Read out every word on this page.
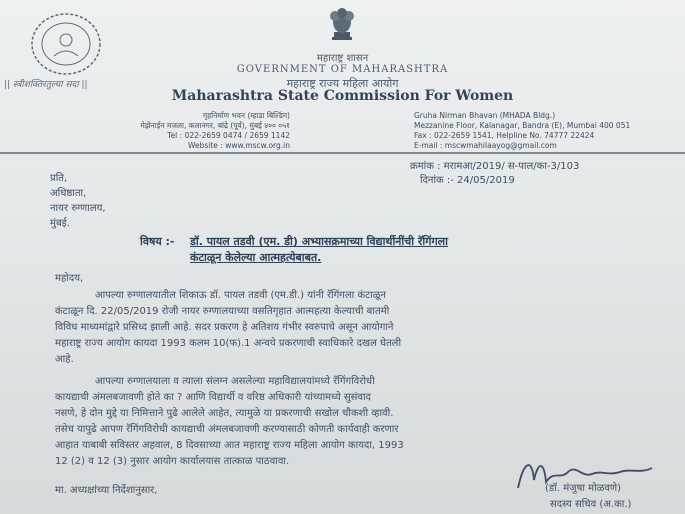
|| स्त्रीशक्तिरतुल्या सदा ||
महाराष्ट्र शासन
GOVERNMENT OF MAHARASHTRA
महाराष्ट्र राज्य महिला आयोग
Maharashtra State Commission For Women
गृहनिर्माण भवन (म्हाडा बिल्डिंग)
मेझेनाईन मजला, कलानगर, बांद्रे (पूर्व), मुंबई ४०० ०५१
Tel : 022-2659 0474 / 2659 1142
Website : www.mscw.org.in
Gruha Nirman Bhavan (MHADA Bldg.)
Mezzanine Floor, Kalanagar, Bandra (E), Mumbai 400 051
Fax : 022-2659 1541, Helpline No. 74777 22424
E-mail : mscwmahilaayog@gmail.com
क्रमांक : मरामआ/2019/ स-पाल/का-3/103
दिनांक :- 24/05/2019
प्रति,
अधिष्ठाता,
नायर रुग्णालय,
मुंबई.
विषय :- डॉ. पायल तडवी (एम. डी) अभ्यासक्रमाच्या विद्यार्थीनींची रॅगिंगला
कंटाळून केलेल्या आत्महत्येबाबत.
महोदय,
आपल्या रुग्णालयातील शिकाऊ डॉ. पायल तडवी (एम.डी.) यांनी रॅगिंगला कंटाळून
कंटाळून दि. 22/05/2019 रोजी नायर रुग्णालयाच्या वसतिगृहात आत्महत्या केल्याची बातमी
विविध माध्यमांद्वारे प्रसिध्द झाली आहे. सदर प्रकरण हे अतिशय गंभीर स्वरुपाचे असून आयोगाने
महाराष्ट्र राज्य आयोग कायदा 1993 कलम 10(फ).1 अन्वये प्रकरणाची स्वाधिकारे दखल घेतली
आहे.
आपल्या रुग्णालयाला व त्याला संलग्न असलेल्या महाविद्यालयांमध्ये रॅगिंगविरोधी
कायद्याची अंमलबजावणी होते का ? आणि विद्यार्थी व वरिष्ठ अधिकारी यांच्यामध्ये सुसंवाद
नसणे, हे दोन मुद्दे या निमित्ताने पुढे आलेले आहेत, त्यामुळे या प्रकरणाची सखोल चौकशी व्हावी.
तसेच यापुढे आपण रॅगिंगविरोधी कायद्याची अंमलबजावणी करण्यासाठी कोणती कार्यवाही करणार
आहात याबाबी सविस्तर अहवाल, 8 दिवसाच्या आत महाराष्ट्र राज्य महिला आयोग कायदा, 1993
12 (2) व 12 (3) नुसार आयोग कार्यालयास तात्काळ पाठवावा.
मा. अध्यक्षांच्या निर्देशानुसार,	(डॉ. मंजुषा मोळवणे)
सदस्य सचिव (अ.का.)
